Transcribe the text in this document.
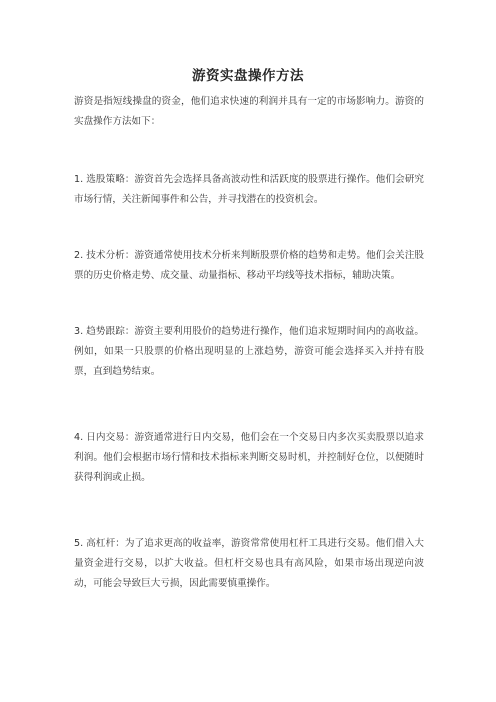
游资实盘操作方法

游资是指短线操盘的资金，他们追求快速的利润并具有一定的市场影响力。游资的实盘操作方法如下：

1. 选股策略：游资首先会选择具备高波动性和活跃度的股票进行操作。他们会研究市场行情，关注新闻事件和公告，并寻找潜在的投资机会。

2. 技术分析：游资通常使用技术分析来判断股票价格的趋势和走势。他们会关注股票的历史价格走势、成交量、动量指标、移动平均线等技术指标，辅助决策。

3. 趋势跟踪：游资主要利用股价的趋势进行操作，他们追求短期时间内的高收益。例如，如果一只股票的价格出现明显的上涨趋势，游资可能会选择买入并持有股票，直到趋势结束。

4. 日内交易：游资通常进行日内交易，他们会在一个交易日内多次买卖股票以追求利润。他们会根据市场行情和技术指标来判断交易时机，并控制好仓位，以便随时获得利润或止损。

5. 高杠杆：为了追求更高的收益率，游资常常使用杠杆工具进行交易。他们借入大量资金进行交易，以扩大收益。但杠杆交易也具有高风险，如果市场出现逆向波动，可能会导致巨大亏损，因此需要慎重操作。
